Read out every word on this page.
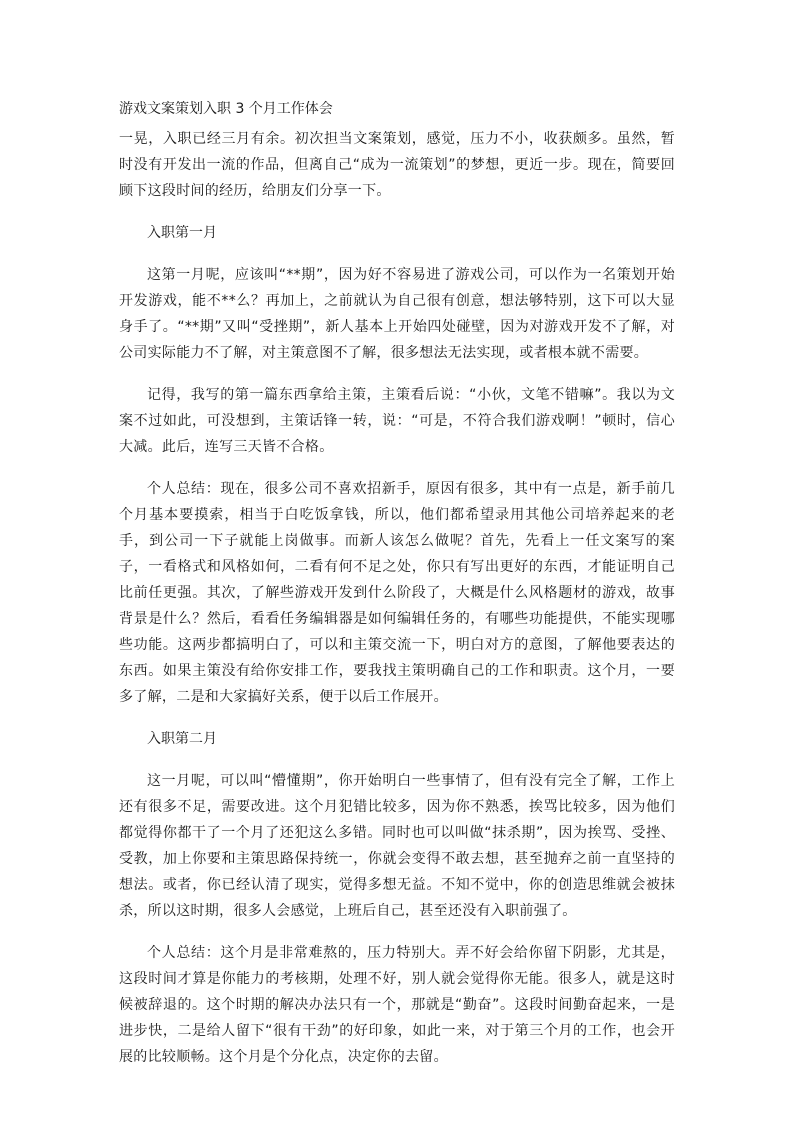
游戏文案策划入职 3 个月工作体会

一晃，入职已经三月有余。初次担当文案策划，感觉，压力不小，收获颇多。虽然，暂时没有开发出一流的作品，但离自己“成为一流策划”的梦想，更近一步。现在，简要回顾下这段时间的经历，给朋友们分享一下。

入职第一月

这第一月呢，应该叫“**期”，因为好不容易进了游戏公司，可以作为一名策划开始开发游戏，能不**么？再加上，之前就认为自己很有创意，想法够特别，这下可以大显身手了。“**期”又叫“受挫期”，新人基本上开始四处碰壁，因为对游戏开发不了解，对公司实际能力不了解，对主策意图不了解，很多想法无法实现，或者根本就不需要。

记得，我写的第一篇东西拿给主策，主策看后说：“小伙，文笔不错嘛”。我以为文案不过如此，可没想到，主策话锋一转，说：“可是，不符合我们游戏啊！”顿时，信心大减。此后，连写三天皆不合格。

个人总结：现在，很多公司不喜欢招新手，原因有很多，其中有一点是，新手前几个月基本要摸索，相当于白吃饭拿钱，所以，他们都希望录用其他公司培养起来的老手，到公司一下子就能上岗做事。而新人该怎么做呢？首先，先看上一任文案写的案子，一看格式和风格如何，二看有何不足之处，你只有写出更好的东西，才能证明自己比前任更强。其次，了解些游戏开发到什么阶段了，大概是什么风格题材的游戏，故事背景是什么？然后，看看任务编辑器是如何编辑任务的，有哪些功能提供，不能实现哪些功能。这两步都搞明白了，可以和主策交流一下，明白对方的意图，了解他要表达的东西。如果主策没有给你安排工作，要我找主策明确自己的工作和职责。这个月，一要多了解，二是和大家搞好关系，便于以后工作展开。

入职第二月

这一月呢，可以叫“懵懂期”，你开始明白一些事情了，但有没有完全了解，工作上还有很多不足，需要改进。这个月犯错比较多，因为你不熟悉，挨骂比较多，因为他们都觉得你都干了一个月了还犯这么多错。同时也可以叫做“抹杀期”，因为挨骂、受挫、受教，加上你要和主策思路保持统一，你就会变得不敢去想，甚至抛弃之前一直坚持的想法。或者，你已经认清了现实，觉得多想无益。不知不觉中，你的创造思维就会被抹杀，所以这时期，很多人会感觉，上班后自己，甚至还没有入职前强了。

个人总结：这个月是非常难熬的，压力特别大。弄不好会给你留下阴影，尤其是，这段时间才算是你能力的考核期，处理不好，别人就会觉得你无能。很多人，就是这时候被辞退的。这个时期的解决办法只有一个，那就是“勤奋”。这段时间勤奋起来，一是进步快，二是给人留下“很有干劲”的好印象，如此一来，对于第三个月的工作，也会开展的比较顺畅。这个月是个分化点，决定你的去留。
